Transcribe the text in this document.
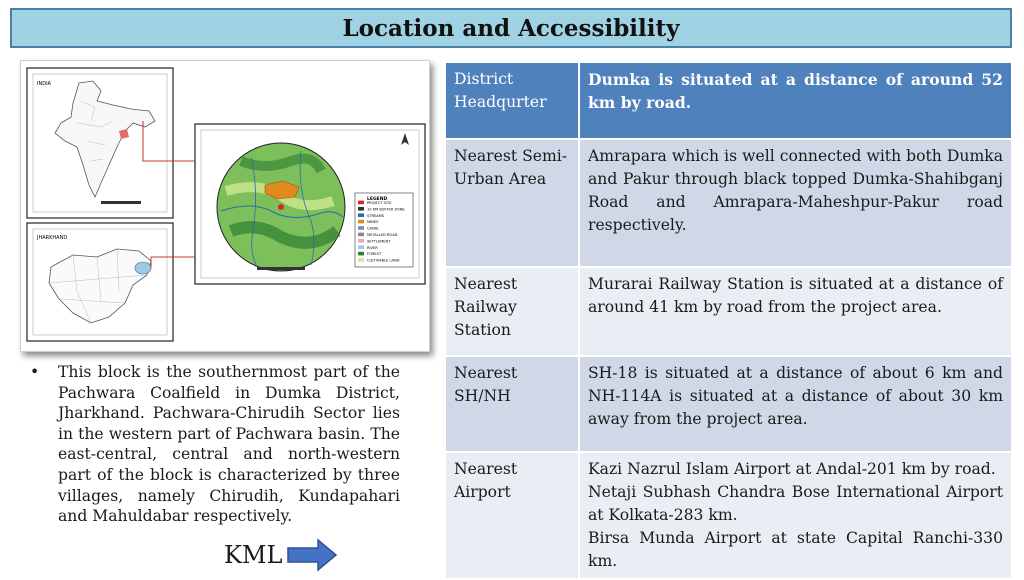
Location and Accessibility
INDIA
JHARKHAND
LEGEND
PROJECT SITE
10 KM BUFFER ZONE
STREAMS
MINES
CANAL
METALLED ROAD
SETTLEMENT
RIVER
FOREST
CULTIVABLE LAND
• This block is the southernmost part of the Pachwara Coalfield in Dumka District, Jharkhand. Pachwara-Chirudih Sector lies in the western part of Pachwara basin. The east-central, central and north-western part of the block is characterized by three villages, namely Chirudih, Kundapahari and Mahuldabar respectively.

KML
District Headqurter	Dumka is situated at a distance of around 52 km by road.
Nearest Semi-Urban Area	Amrapara which is well connected with both Dumka and Pakur through black topped Dumka-Shahibganj Road and Amrapara-Maheshpur-Pakur road respectively.
Nearest Railway Station	Murarai Railway Station is situated at a distance of around 41 km by road from the project area.
Nearest SH/NH	SH-18 is situated at a distance of about 6 km and NH-114A is situated at a distance of about 30 km away from the project area.
Nearest Airport	Kazi Nazrul Islam Airport at Andal-201 km by road.
Netaji Subhash Chandra Bose International Airport at Kolkata-283 km.
Birsa Munda Airport at state Capital Ranchi-330 km.
